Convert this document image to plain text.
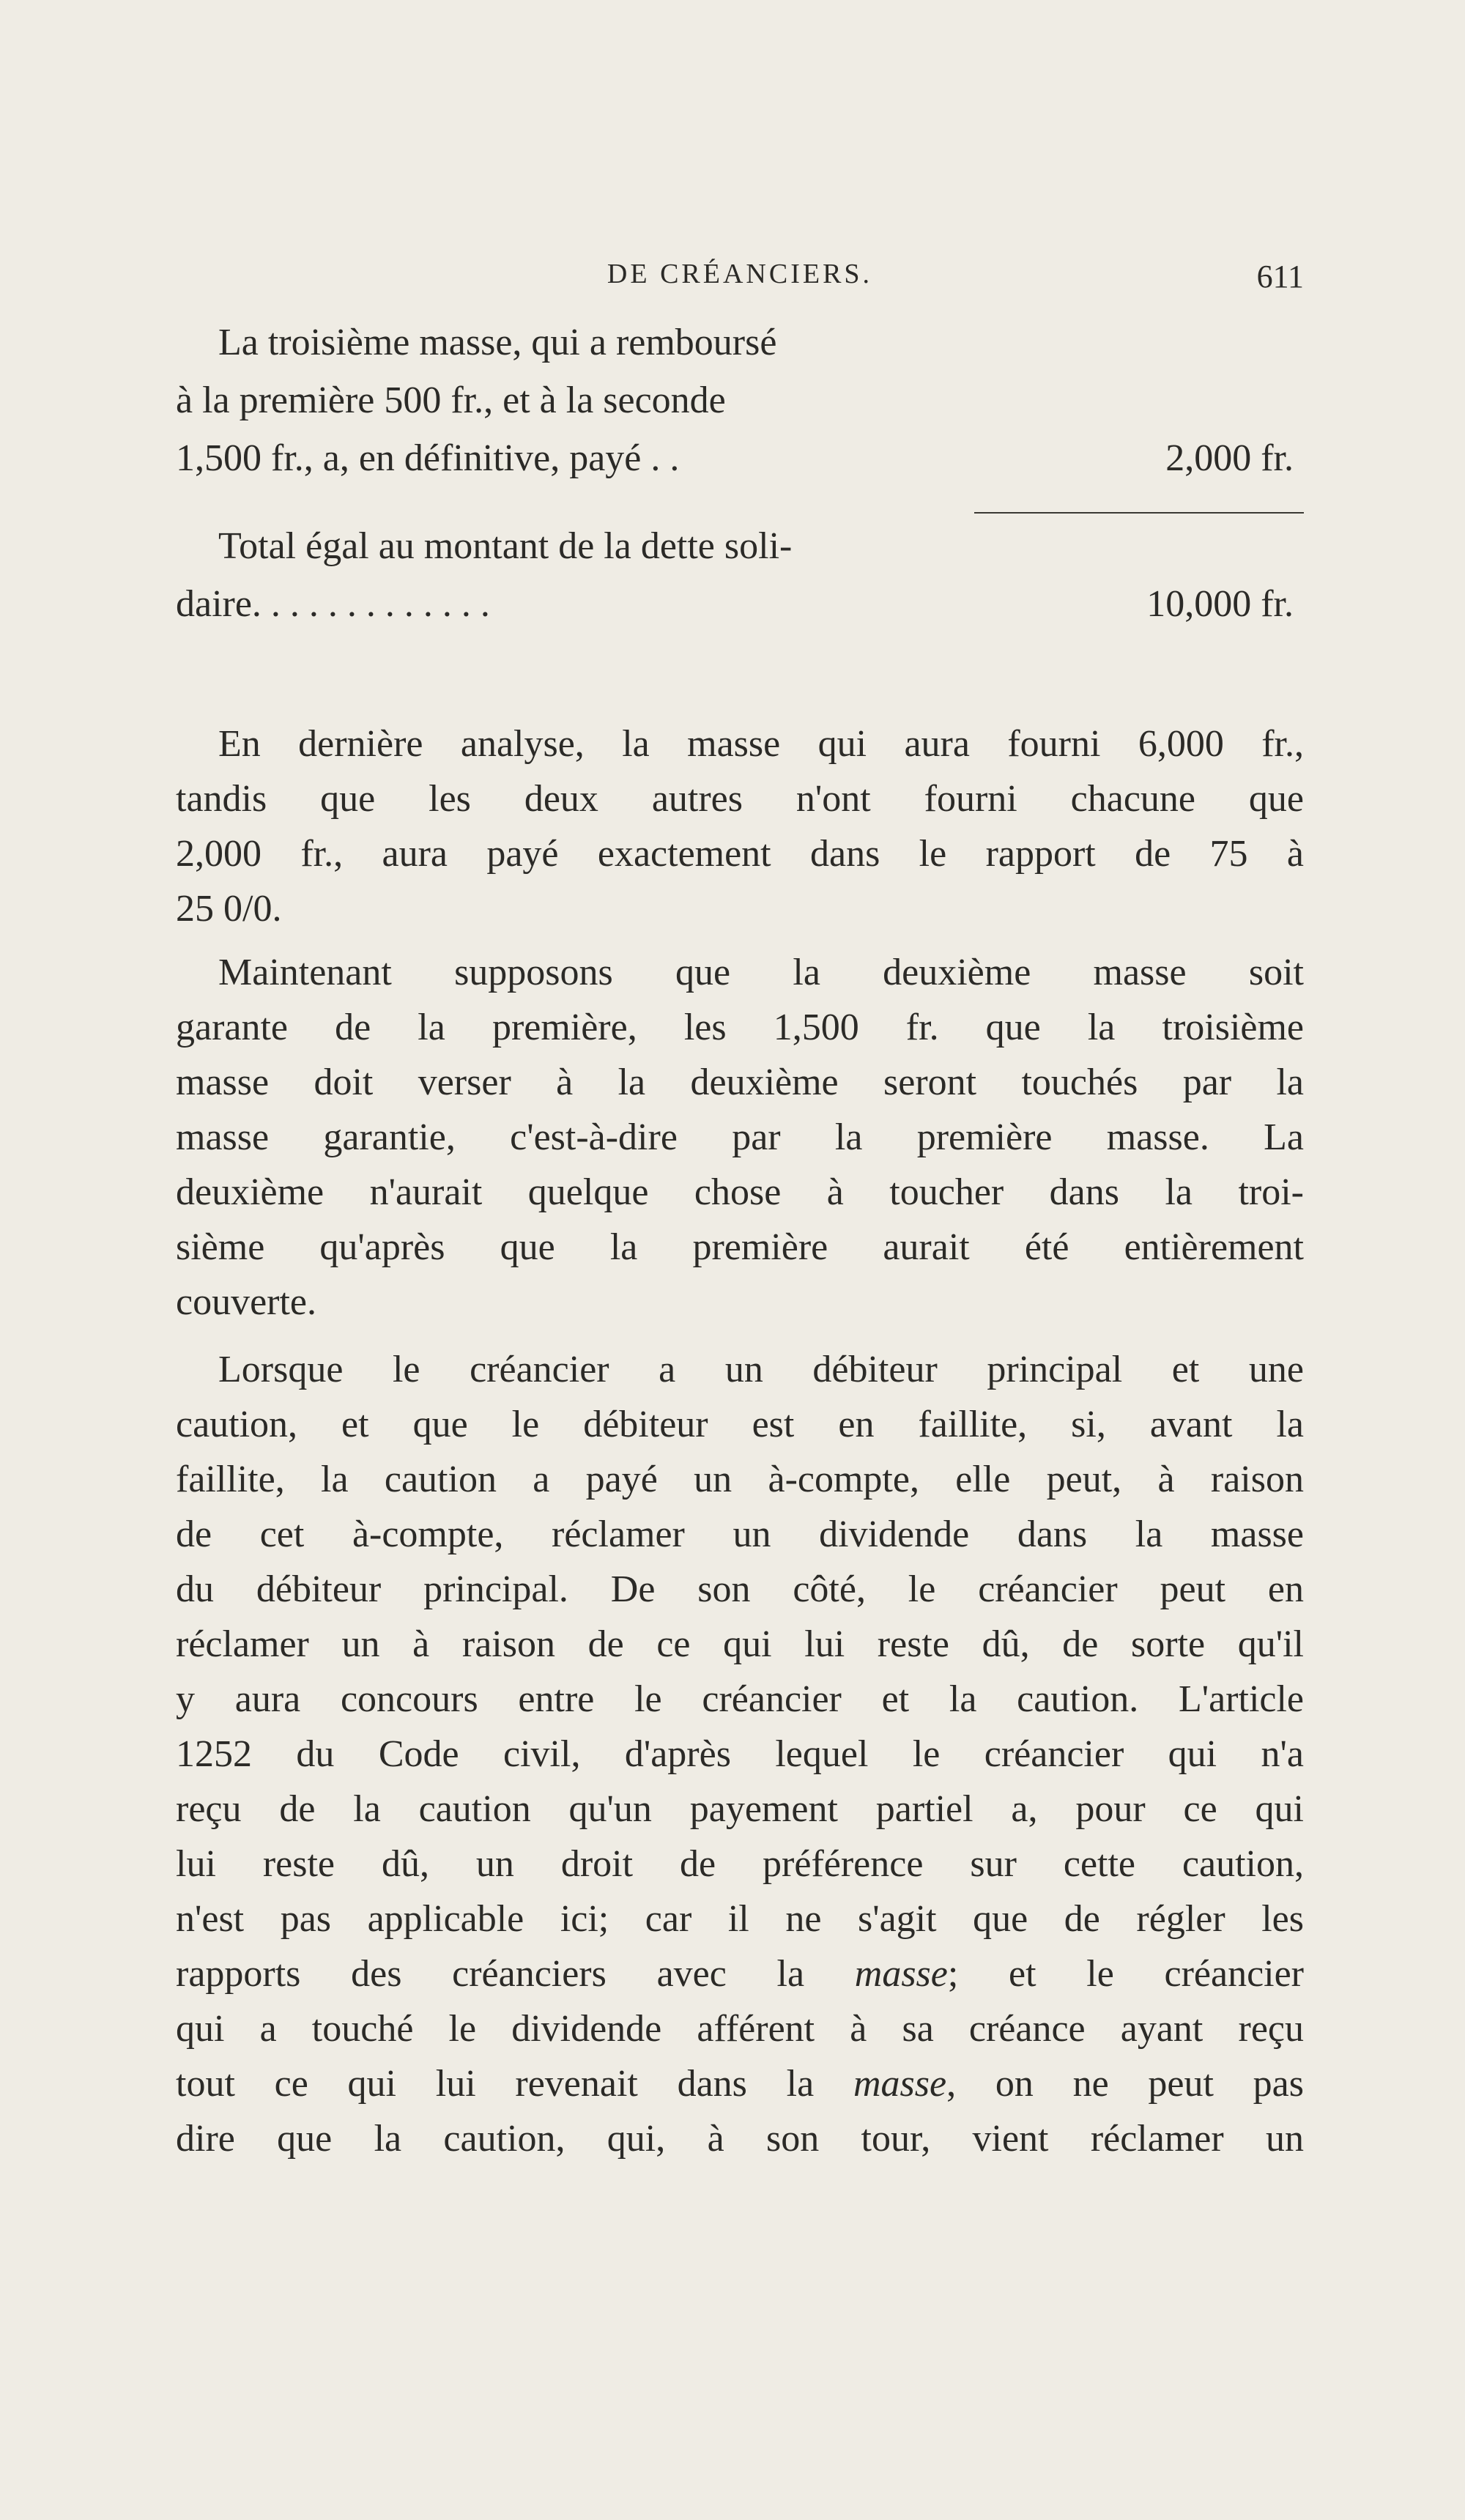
DE CRÉANCIERS.	611
La troisième masse, qui a remboursé
à la première 500 fr., et à la seconde
1,500 fr., a, en définitive, payé . .	2,000 fr.
Total égal au montant de la dette soli-
daire. . . . . . . . . . . . .	10,000 fr.
En dernière analyse, la masse qui aura fourni 6,000 fr.,
tandis que les deux autres n'ont fourni chacune que
2,000 fr., aura payé exactement dans le rapport de 75 à
25 0/0.
Maintenant supposons que la deuxième masse soit
garante de la première, les 1,500 fr. que la troisième
masse doit verser à la deuxième seront touchés par la
masse garantie, c'est-à-dire par la première masse. La
deuxième n'aurait quelque chose à toucher dans la troi-
sième qu'après que la première aurait été entièrement
couverte.
Lorsque le créancier a un débiteur principal et une
caution, et que le débiteur est en faillite, si, avant la
faillite, la caution a payé un à-compte, elle peut, à raison
de cet à-compte, réclamer un dividende dans la masse
du débiteur principal. De son côté, le créancier peut en
réclamer un à raison de ce qui lui reste dû, de sorte qu'il
y aura concours entre le créancier et la caution. L'article
1252 du Code civil, d'après lequel le créancier qui n'a
reçu de la caution qu'un payement partiel a, pour ce qui
lui reste dû, un droit de préférence sur cette caution,
n'est pas applicable ici; car il ne s'agit que de régler les
rapports des créanciers avec la masse; et le créancier
qui a touché le dividende afférent à sa créance ayant reçu
tout ce qui lui revenait dans la masse, on ne peut pas
dire que la caution, qui, à son tour, vient réclamer un
